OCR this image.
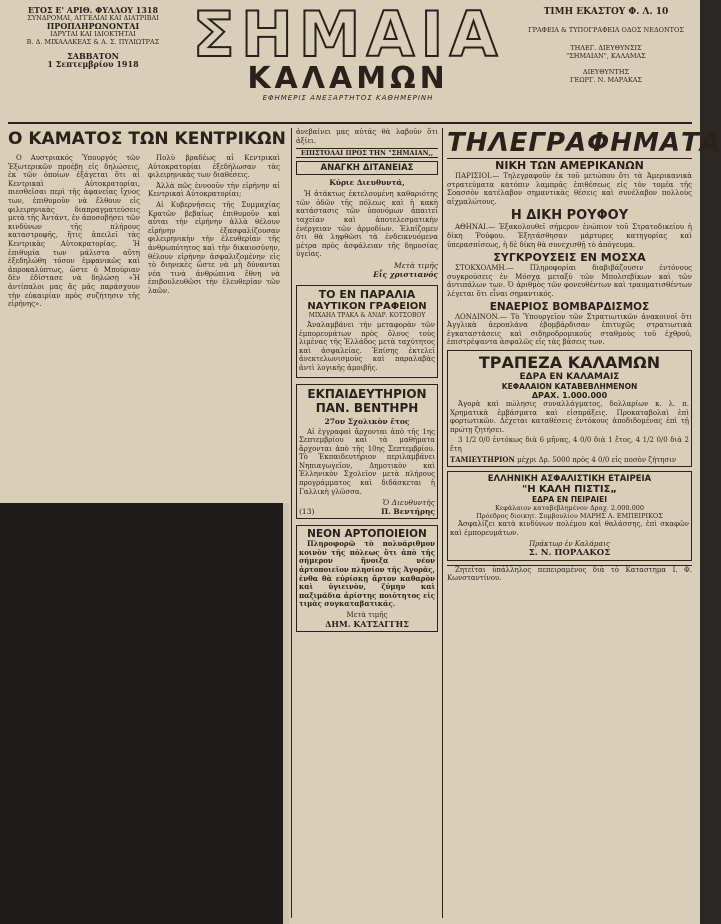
ΕΤΟΣ Ε' ΑΡΙΘ. ΦΥΛΛΟΥ 1318
ΣΥΝΔΡΟΜΑΙ, ΑΓΓΕΛΙΑΙ ΚΑΙ ΔΙΑΤΡΙΒΑΙ
ΠΡΟΠΛΗΡΩΝΟΝΤΑΙ
ΙΔΡΥΤΑΙ ΚΑΙ ΙΔΙΟΚΤΗΤΑΙ
Β. Δ. ΜΙΧΑΛΑΚΕΑΣ & Α. Σ. ΠΥΛΙΩΤΡΑΣ
ΣΑΒΒΑΤΟΝ
1 Σεπτεμβρίου 1918 ΣΗΜΑΙΑ
ΚΑΛΑΜΩΝ
ΕΦΗΜΕΡΙΣ ΑΝΕΞΑΡΤΗΤΟΣ ΚΑΘΗΜΕΡΙΝΗ
ΤΙΜΗ ΕΚΑΣΤΟΥ Φ. Λ. 10
ΓΡΑΦΕΙΑ & ΤΥΠΟΓΡΑΦΕΙΑ ΟΔΟΣ ΝΕΔΟΝΤΟΣ
ΤΗΛΕΓ. ΔΙΕΥΘΥΝΣΙΣ
"ΣΗΜΑΙΑΝ", ΚΑΛΑΜΑΣ
ΔΙΕΥΘΥΝΤΗΣ
ΓΕΩΡΓ. Ν. ΜΑΡΑΚΑΣ
Ο ΚΑΜΑΤΟΣ ΤΩΝ ΚΕΝΤΡΙΚΩΝ

Ο Αυστριακός Ὑπουργός τῶν Ἐξωτερικῶν προέβη εἰς δηλώσεις, ἐκ τῶν ὁποίων ἐξάγεται ὅτι αἱ Κεντρικαὶ Αὐτοκρατορίαι, πιεσθεῖσαι περὶ τῆς ἀφανείας ἴχνος των, ἐπιθυμοῦν νὰ ἔλθουν εἰς φιλειρηνικὰς διαπραγματεύσεις μετὰ τῆς Ἀντάντ, ἐν ἀποσοβήσει τῶν κινδύνων τῆς πλήρους καταστροφῆς, ἥτις ἀπειλεῖ τὰς Κεντρικὰς Αὐτοκρατορίας. Ἡ ἐπιθυμία των μάλιστα αὕτη ἐξεδηλώθη τόσον ἐμφανικῶς καὶ ἀπροκαλύπτως, ὥστε ὁ Μπούριαν δὲν ἐδίστασε νὰ δηλώσῃ «Ἡ ἀντίπαλοι μας ἂς μᾶς παράσχουν τὴν εὐκαιρίαν πρὸς συζήτησιν τῆς εἰρήνης».

Πολὺ βραδέως αἱ Κεντρικαὶ Αὐτοκρατορίαι ἐξεδήλωσαν τὰς φιλειρηνικὰς των διαθέσεις.

Ἀλλὰ πῶς ἐννοοῦν τὴν εἰρήνην αἱ Κεντρικαὶ Αὐτοκρατορίαι;

Αἱ Κυβερνήσεις τῆς Συμμαχίας Κρατῶν βεβαίως ἐπιθυμοῦν καὶ αὗται τὴν εἰρήνην ἀλλὰ θέλουν εἰρήνην ἐξασφαλίζουσαν φιλειρηνικὴν τὴν ἐλευθερίαν τῆς ἀνθρωπότητος καὶ τὴν δικαιοσύνην, θέλουν εἰρήνην ἀσφαλιζομένην εἰς τὸ διηνεκὲς ὥστε νὰ μὴ δύνανται νέα τινὰ ἀνθρώπινα ἔθνη νὰ ἐπιβουλευθῶσι τὴν ἐλευθερίαν τῶν λαῶν.

ἀνεβαίνει μας αὐτάς θὰ λαβοῦν ὅτι ἀξίει.

ΕΠΙΣΤΟΛΑΙ ΠΡΟΣ ΤΗΝ "ΣΗΜΑΙΑΝ,,
ΑΝΑΓΚΗ ΔΙΤΑΝΕΙΑΣ
Κύριε Διευθυντά,

Ἡ ἀτάκτως ἐκτελουμένη καθαριότης τῶν ὁδῶν τῆς πόλεως καὶ ἡ κακὴ κατάστασις τῶν ὑπονόμων ἀπαιτεῖ ταχεῖαν καὶ ἀποτελεσματικὴν ἐνέργειαν τῶν ἁρμοδίων. Ἐλπίζομεν ὅτι θὰ ληφθῶσι τὰ ἐνδεικνυόμενα μέτρα πρὸς ἀσφάλειαν τῆς δημοσίας ὑγείας.

Μετὰ τιμῆς
Εἷς χριστιανός
ΤΟ ΕΝ ΠΑΡΑΛΙΑ
ΝΑΥΤΙΚΟΝ ΓΡΑΦΕΙΟΝ
ΜΙΧΑΗΛ ΤΡΑΚΑ & ΑΝΔΡ. ΚΟΤΣΟΒΟΥ

Ἀναλαμβάνει τὴν μεταφορὰν τῶν ἐμπορευμάτων πρὸς ὅλους τοὺς λιμένας τῆς Ἑλλάδος μετὰ ταχύτητος καὶ ἀσφαλείας. Ἐπίσης ἐκτελεῖ ἀνεκτελωνισμοὺς καὶ παραλαβὰς ἀντὶ λογικῆς ἀμοιβῆς.

ΕΚΠΑΙΔΕΥΤΗΡΙΟΝ
ΠΑΝ. ΒΕΝΤΗΡΗ
27ον Σχολικὸν ἔτος

Αἱ ἐγγραφαὶ ἄρχονται ἀπὸ τῆς 1ης Σεπτεμβρίου καὶ τὰ μαθήματα ἄρχονται ἀπὸ τῆς 10ης Σεπτεμβρίου. Τὸ Ἐκπαιδευτήριον περιλαμβάνει Νηπιαγωγεῖον, Δημοτικὸν καὶ Ἑλληνικὸν Σχολεῖον μετὰ πλήρους προγράμματος καὶ διδάσκεται ἡ Γαλλικὴ γλῶσσα.

Ὁ Διευθυντὴς
(13)	Π. Βεντήρης
ΝΕΟΝ ΑΡΤΟΠΟΙΕΙΟΝ

Πληροφορῶ τὸ πολυάριθμον κοινὸν τῆς πόλεως ὅτι ἀπὸ τῆς σήμερον ἤνοιξα νέον ἀρτοποιεῖον πλησίον τῆς Ἀγορᾶς, ἐνθα θὰ εὑρίσκῃ ἄρτον καθαρὸν καὶ ὑγιεινὸν, ζύμην καὶ παξιμάδια ἀρίστης ποιότητος εἰς τιμὰς συγκαταβατικάς.

Μετὰ τιμῆς
ΔΗΜ. ΚΑΤΣΑΓΓΗΣ
ΤΗΛΕΓΡΑΦΗΜΑΤΑ
ΝΙΚΗ ΤΩΝ ΑΜΕΡΙΚΑΝΩΝ

ΠΑΡΙΣΙΟΙ.— Τηλεγραφοῦν ἐκ τοῦ μετώπου ὅτι τὰ Ἀμερικανικὰ στρατεύματα κατόπιν λαμπρᾶς ἐπιθέσεως εἰς τὸν τομέα τῆς Σοασσὸν κατέλαβον σημαντικὰς θέσεις καὶ συνέλαβον πολλοὺς αἰχμαλώτους.

Η ΔΙΚΗ ΡΟΥΦΟΥ

ΑΘΗΝΑΙ.— Ἐξακολουθεῖ σήμερον ἐνώπιον τοῦ Στρατοδικείου ἡ δίκη Ῥούφου. Ἐξητάσθησαν μάρτυρες κατηγορίας καὶ ὑπερασπίσεως, ἡ δὲ δίκη θὰ συνεχισθῇ τὸ ἀπόγευμα.

ΣΥΓΚΡΟΥΣΕΙΣ ΕΝ ΜΟΣΧΑ

ΣΤΟΚΧΟΛΜΗ.— Πληροφορίαι διαβιβάζουσιν ἐντόνους συγκρούσεις ἐν Μόσχᾳ μεταξὺ τῶν Μπολσεβίκων καὶ τῶν ἀντιπάλων των. Ὁ ἀριθμὸς τῶν φονευθέντων καὶ τραυματισθέντων λέγεται ὅτι εἶναι σημαντικός.

ΕΝΑΕΡΙΟΣ ΒΟΜΒΑΡΔΙΣΜΟΣ

ΛΟΝΔΙΝΟΝ.— Τὸ Ὑπουργεῖον τῶν Στρατιωτικῶν ἀνακοινοῖ ὅτι Ἀγγλικὰ ἀεροπλάνα ἐβομβάρδισαν ἐπιτυχῶς στρατιωτικὰ ἐγκαταστάσεις καὶ σιδηροδρομικοὺς σταθμοὺς τοῦ ἐχθροῦ, ἐπιστρέψαντα ἀσφαλῶς εἰς τὰς βάσεις των.

ΤΡΑΠΕΖΑ ΚΑΛΑΜΩΝ
ΕΔΡΑ ΕΝ ΚΑΛΑΜΑΙΣ
ΚΕΦΑΛΑΙΟΝ ΚΑΤΑΒΕΒΛΗΜΕΝΟΝ
ΔΡΑΧ. 1.000.000

Ἀγορὰ καὶ πώλησις συναλλάγματος, δολλαρίων κ. λ. π. Χρηματικὰ ἐμβάσματα καὶ εἰσπράξεις. Προκαταβολαὶ ἐπὶ φορτωτικῶν. Δέχεται καταθέσεις ἐντόκους ἀποδιδομένας ἐπὶ τῇ πρώτῃ ζητήσει.

3 1/2 0/0 ἐντόκως διὰ 6 μῆνας, 4 0/0 διὰ 1 ἔτος, 4 1/2 0/0 διὰ 2 ἔτη

ΤΑΜΙΕΥΤΗΡΙΟΝ μέχρι Δρ. 5000 πρὸς 4 0/0 εἰς ποσὸν ζήτησιν
ΕΛΛΗΝΙΚΗ ΑΣΦΑΛΙΣΤΙΚΗ ΕΤΑΙΡΕΙΑ
"Η ΚΑΛΗ ΠΙΣΤΙΣ„
ΕΔΡΑ ΕΝ ΠΕΙΡΑΙΕΙ
Κεφάλαιον καταβεβλημένον Δραχ. 2.000.000
Πρόεδρος διοικητ. Συμβουλίου ΜΑΡΗΣ Α. ΕΜΠΕΙΡΙΚΟΣ

Ἀσφαλίζει κατὰ κινδύνων πολέμου καὶ θαλάσσης, ἐπὶ σκαφῶν καὶ ἐμπορευμάτων.

Πράκτωρ ἐν Καλάμαις
Σ. Ν. ΠΟΡΛΑΚΟΣ

Ζητεῖται ὑπάλληλος πεπειραμένος διὰ τὸ Καταστημα Ι. Φ. Κωνσταντίνου.
